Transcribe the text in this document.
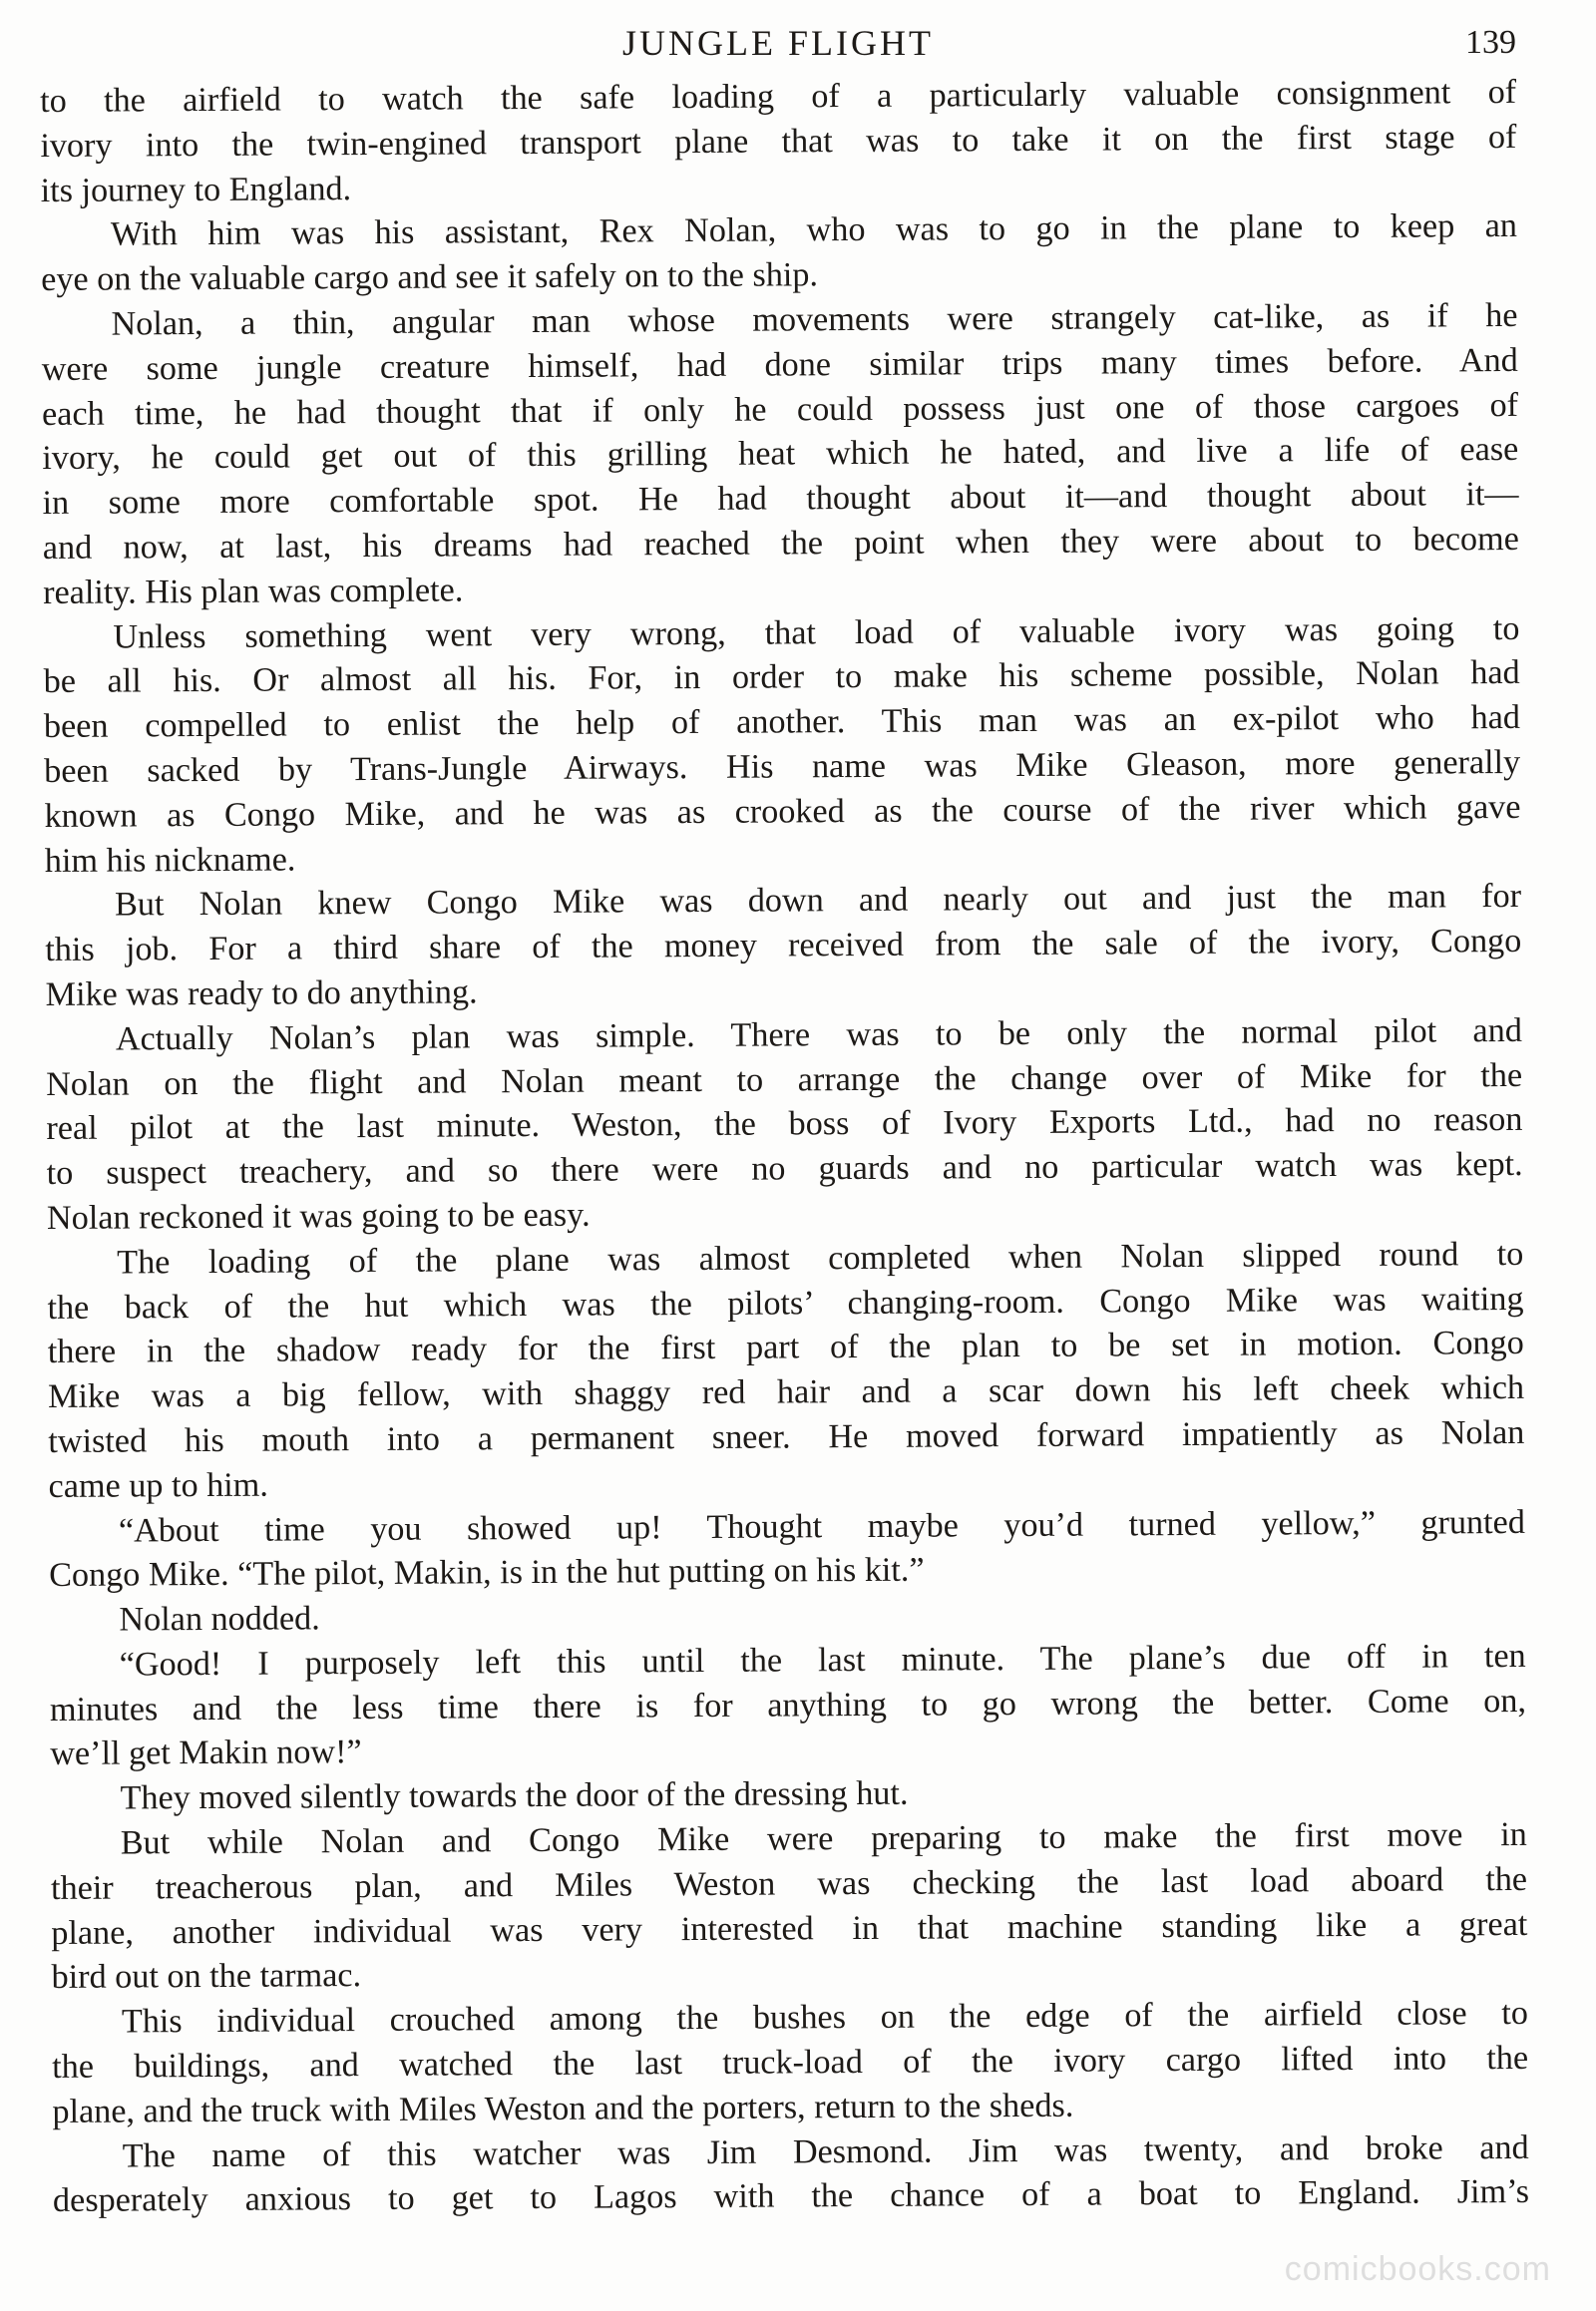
JUNGLE FLIGHT	139
to the airfield to watch the safe loading of a particularly valuable consignment of
ivory into the twin-engined transport plane that was to take it on the first stage of
its journey to England.
With him was his assistant, Rex Nolan, who was to go in the plane to keep an
eye on the valuable cargo and see it safely on to the ship.
Nolan, a thin, angular man whose movements were strangely cat-like, as if he
were some jungle creature himself, had done similar trips many times before. And
each time, he had thought that if only he could possess just one of those cargoes of
ivory, he could get out of this grilling heat which he hated, and live a life of ease
in some more comfortable spot. He had thought about it—and thought about it—
and now, at last, his dreams had reached the point when they were about to become
reality. His plan was complete.
Unless something went very wrong, that load of valuable ivory was going to
be all his. Or almost all his. For, in order to make his scheme possible, Nolan had
been compelled to enlist the help of another. This man was an ex-pilot who had
been sacked by Trans-Jungle Airways. His name was Mike Gleason, more generally
known as Congo Mike, and he was as crooked as the course of the river which gave
him his nickname.
But Nolan knew Congo Mike was down and nearly out and just the man for
this job. For a third share of the money received from the sale of the ivory, Congo
Mike was ready to do anything.
Actually Nolan’s plan was simple. There was to be only the normal pilot and
Nolan on the flight and Nolan meant to arrange the change over of Mike for the
real pilot at the last minute. Weston, the boss of Ivory Exports Ltd., had no reason
to suspect treachery, and so there were no guards and no particular watch was kept.
Nolan reckoned it was going to be easy.
The loading of the plane was almost completed when Nolan slipped round to
the back of the hut which was the pilots’ changing-room. Congo Mike was waiting
there in the shadow ready for the first part of the plan to be set in motion. Congo
Mike was a big fellow, with shaggy red hair and a scar down his left cheek which
twisted his mouth into a permanent sneer. He moved forward impatiently as Nolan
came up to him.
“About time you showed up! Thought maybe you’d turned yellow,” grunted
Congo Mike. “The pilot, Makin, is in the hut putting on his kit.”
Nolan nodded.
“Good! I purposely left this until the last minute. The plane’s due off in ten
minutes and the less time there is for anything to go wrong the better. Come on,
we’ll get Makin now!”
They moved silently towards the door of the dressing hut.
But while Nolan and Congo Mike were preparing to make the first move in
their treacherous plan, and Miles Weston was checking the last load aboard the
plane, another individual was very interested in that machine standing like a great
bird out on the tarmac.
This individual crouched among the bushes on the edge of the airfield close to
the buildings, and watched the last truck-load of the ivory cargo lifted into the
plane, and the truck with Miles Weston and the porters, return to the sheds.
The name of this watcher was Jim Desmond. Jim was twenty, and broke and
desperately anxious to get to Lagos with the chance of a boat to England. Jim’s
comicbooks.com
